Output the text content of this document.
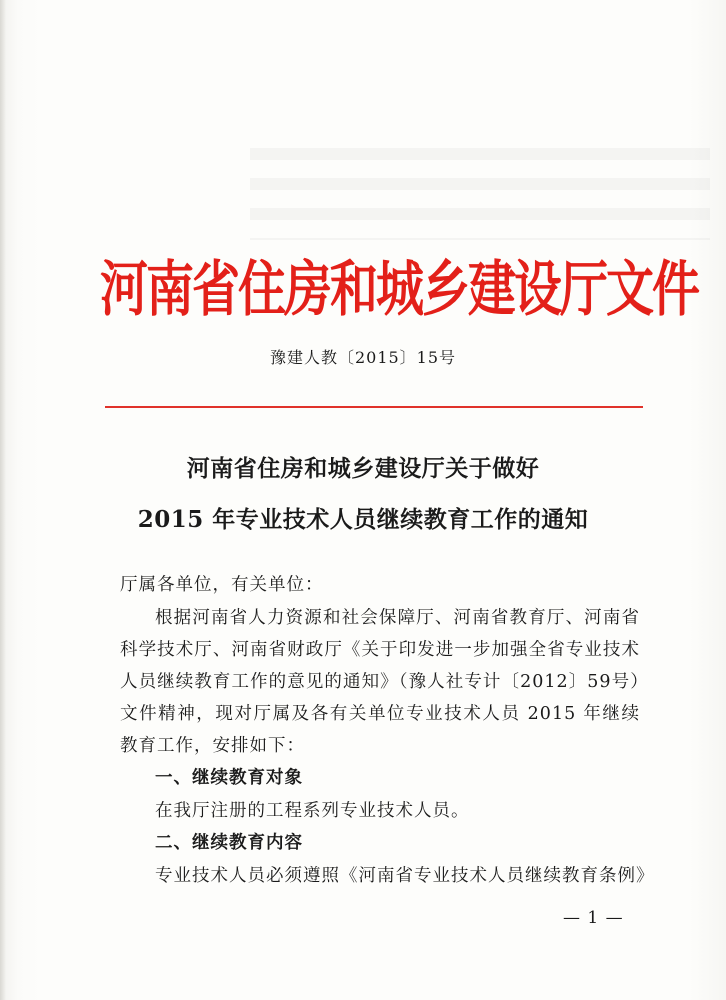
河南省住房和城乡建设厅文件
豫建人教〔2015〕15号
河南省住房和城乡建设厅关于做好
2015 年专业技术人员继续教育工作的通知
厅属各单位，有关单位：
根据河南省人力资源和社会保障厅、河南省教育厅、河南省科学技术厅、河南省财政厅《关于印发进一步加强全省专业技术人员继续教育工作的意见的通知》（豫人社专计〔2012〕59号）文件精神，现对厅属及各有关单位专业技术人员 2015 年继续教育工作，安排如下：
一、继续教育对象
在我厅注册的工程系列专业技术人员。
二、继续教育内容
专业技术人员必须遵照《河南省专业技术人员继续教育条例》
— 1 —
